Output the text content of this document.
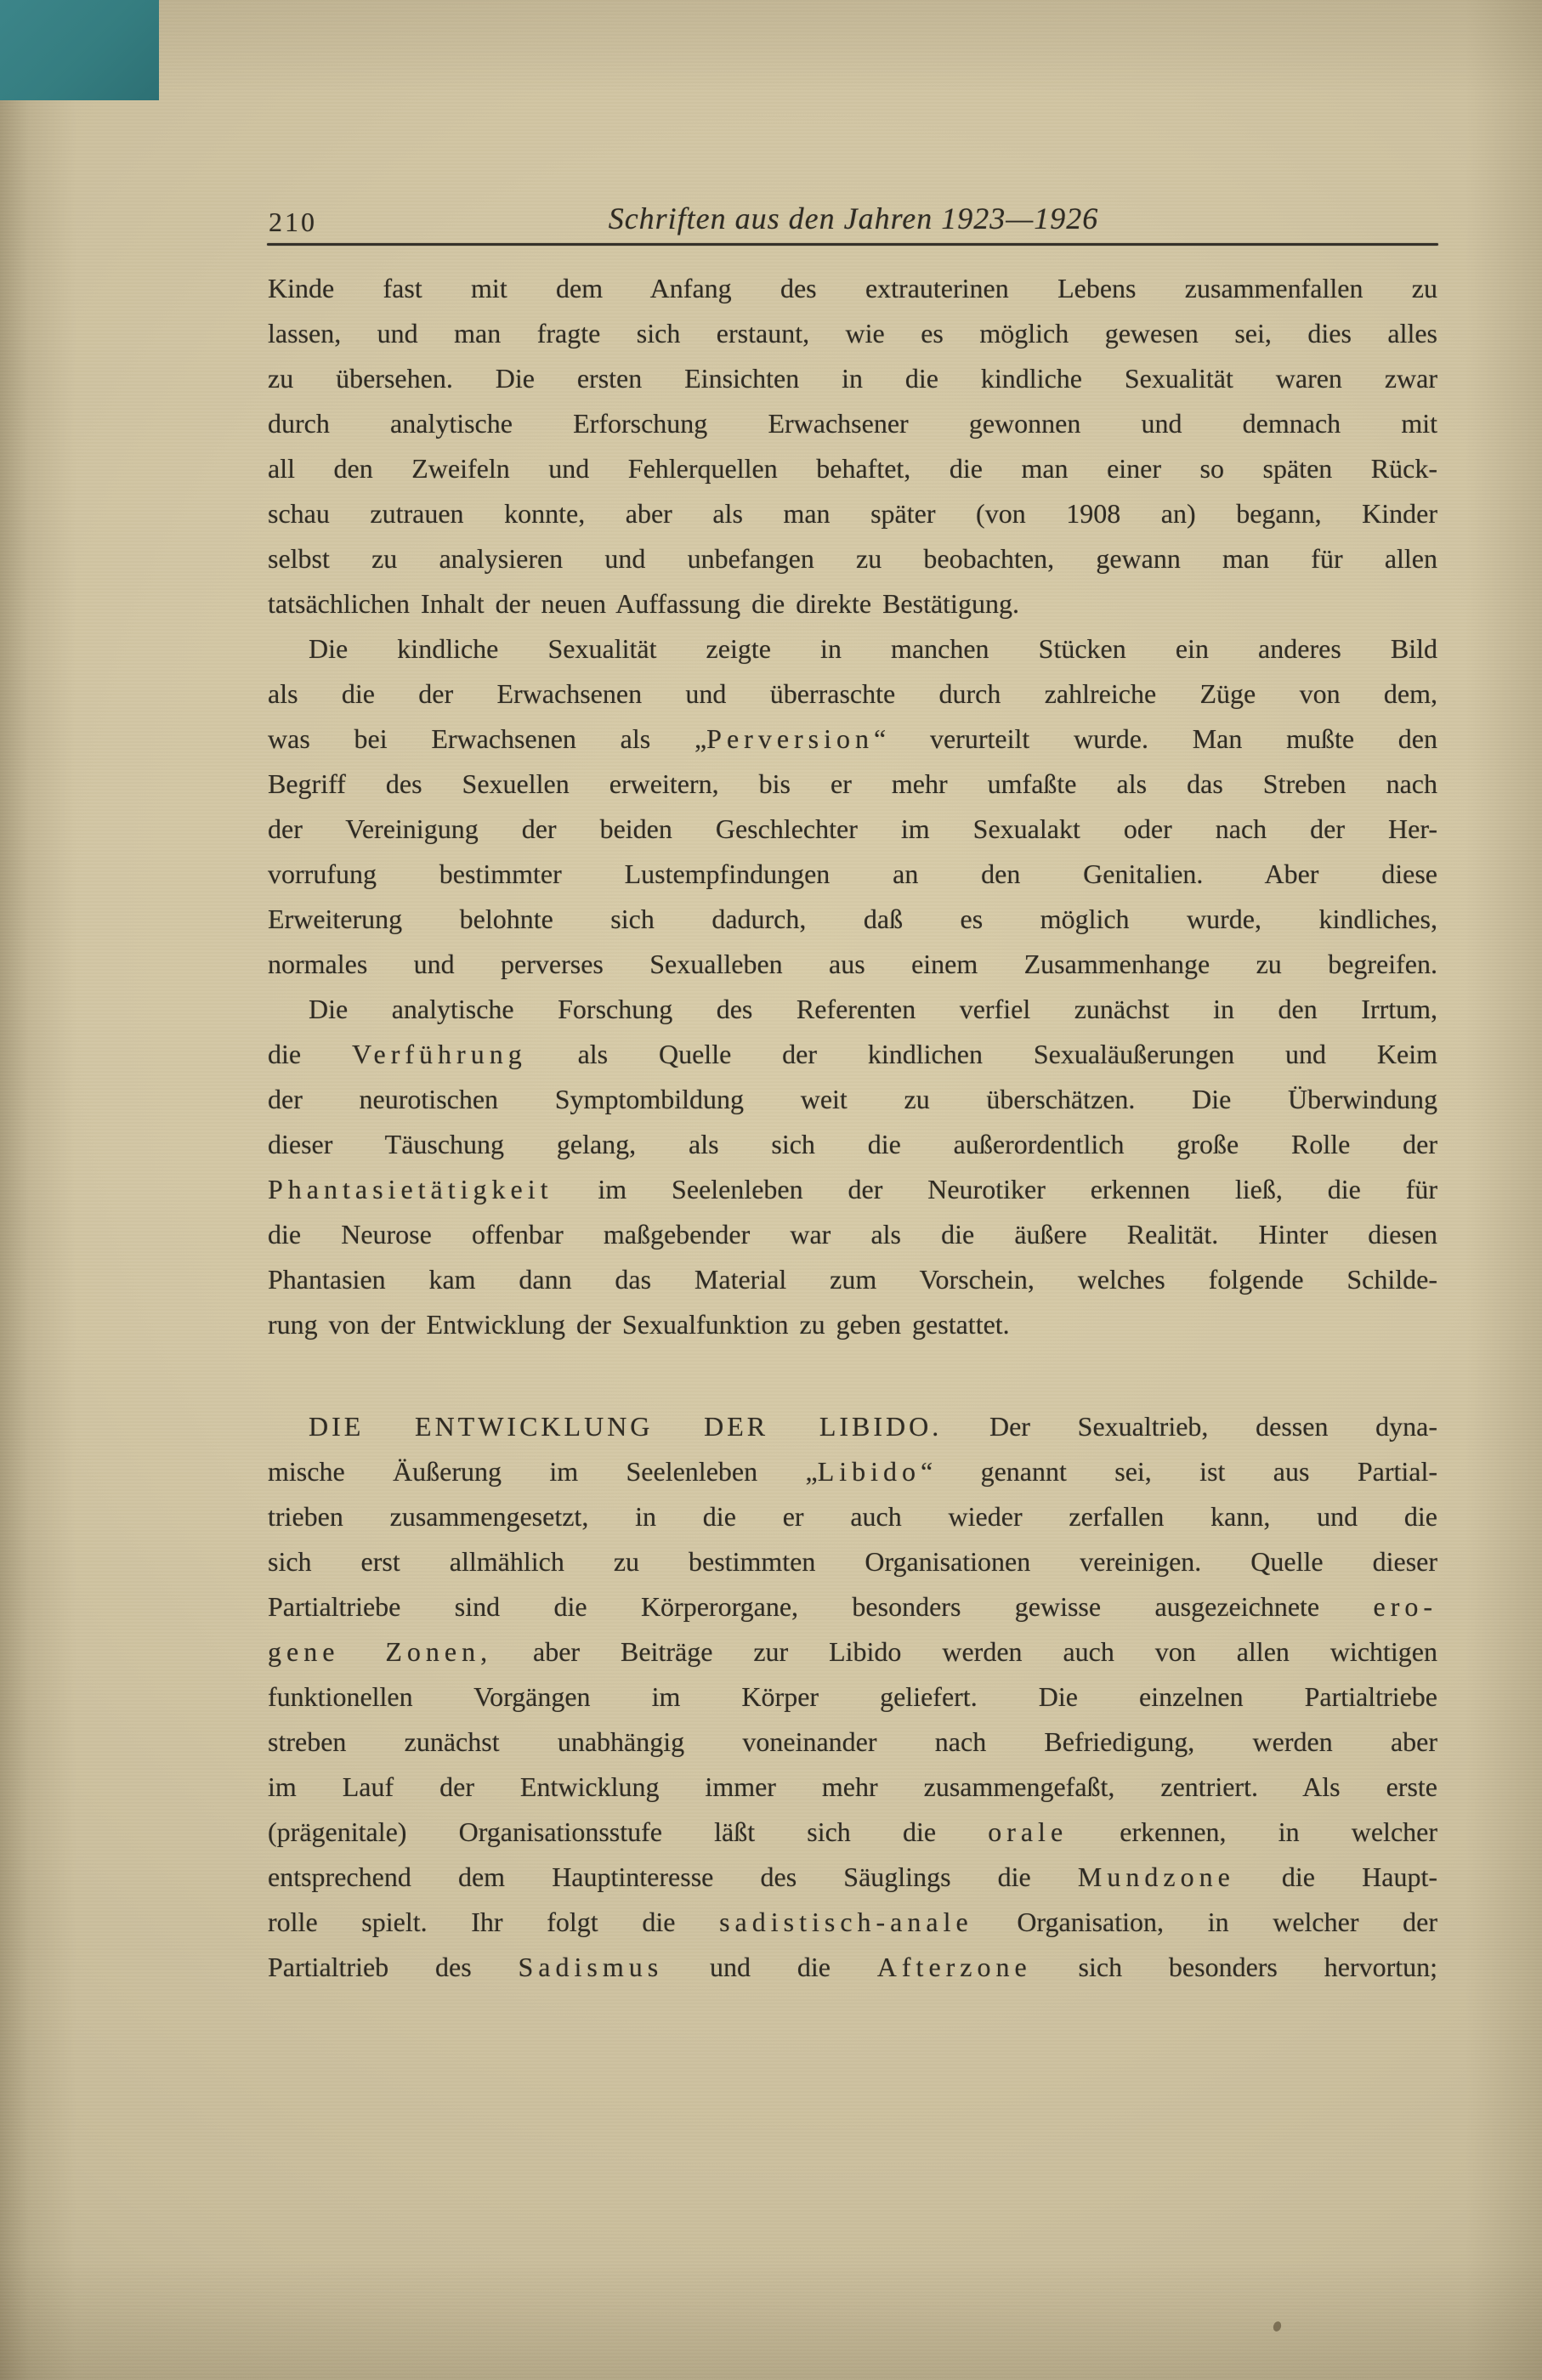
210	Schriften aus den Jahren 1923—1926
Kinde fast mit dem Anfang des extrauterinen Lebens zusammenfallen zu
lassen, und man fragte sich erstaunt, wie es möglich gewesen sei, dies alles
zu übersehen. Die ersten Einsichten in die kindliche Sexualität waren zwar
durch analytische Erforschung Erwachsener gewonnen und demnach mit
all den Zweifeln und Fehlerquellen behaftet, die man einer so späten Rück-
schau zutrauen konnte, aber als man später (von 1908 an) begann, Kinder
selbst zu analysieren und unbefangen zu beobachten, gewann man für allen
tatsächlichen Inhalt der neuen Auffassung die direkte Bestätigung.
Die kindliche Sexualität zeigte in manchen Stücken ein anderes Bild
als die der Erwachsenen und überraschte durch zahlreiche Züge von dem,
was bei Erwachsenen als „Perversion“ verurteilt wurde. Man mußte den
Begriff des Sexuellen erweitern, bis er mehr umfaßte als das Streben nach
der Vereinigung der beiden Geschlechter im Sexualakt oder nach der Her-
vorrufung bestimmter Lustempfindungen an den Genitalien. Aber diese
Erweiterung belohnte sich dadurch, daß es möglich wurde, kindliches,
normales und perverses Sexualleben aus einem Zusammenhange zu begreifen.
Die analytische Forschung des Referenten verfiel zunächst in den Irrtum,
die Verführung als Quelle der kindlichen Sexualäußerungen und Keim
der neurotischen Symptombildung weit zu überschätzen. Die Überwindung
dieser Täuschung gelang, als sich die außerordentlich große Rolle der
Phantasietätigkeit im Seelenleben der Neurotiker erkennen ließ, die für
die Neurose offenbar maßgebender war als die äußere Realität. Hinter diesen
Phantasien kam dann das Material zum Vorschein, welches folgende Schilde-
rung von der Entwicklung der Sexualfunktion zu geben gestattet.
DIE ENTWICKLUNG DER LIBIDO. Der Sexualtrieb, dessen dyna-
mische Äußerung im Seelenleben „Libido“ genannt sei, ist aus Partial-
trieben zusammengesetzt, in die er auch wieder zerfallen kann, und die
sich erst allmählich zu bestimmten Organisationen vereinigen. Quelle dieser
Partialtriebe sind die Körperorgane, besonders gewisse ausgezeichnete ero-
gene Zonen, aber Beiträge zur Libido werden auch von allen wichtigen
funktionellen Vorgängen im Körper geliefert. Die einzelnen Partialtriebe
streben zunächst unabhängig voneinander nach Befriedigung, werden aber
im Lauf der Entwicklung immer mehr zusammengefaßt, zentriert. Als erste
(prägenitale) Organisationsstufe läßt sich die orale erkennen, in welcher
entsprechend dem Hauptinteresse des Säuglings die Mundzone die Haupt-
rolle spielt. Ihr folgt die sadistisch-anale Organisation, in welcher der
Partialtrieb des Sadismus und die Afterzone sich besonders hervortun;
